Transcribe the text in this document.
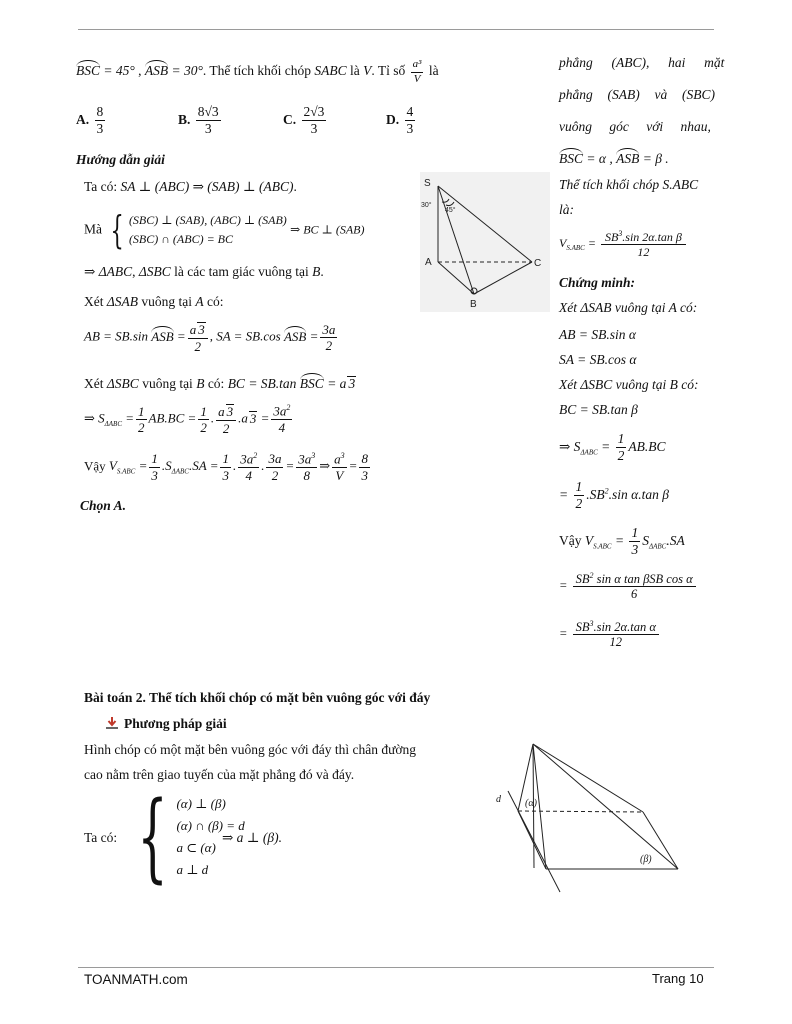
BSC = 45° , ASB = 30°. Thể tích khối chóp SABC là V. Tỉ số $\frac{\text{a³}}{V}$ là
A. $\frac{8}{3}$	B. $\frac{8√3}{3}$	C. $\frac{2√3}{3}$	D. $\frac{4}{3}$
Hướng dẫn giải
Ta có: SA ⊥ (ABC) ⇒ (SAB) ⊥ (ABC).
Mà { (SBC) ⊥ (SAB), (ABC) ⊥ (SAB)
(SBC) ∩ (ABC) = BC
⇒ BC ⊥ (SAB)
⇒ ΔABC, ΔSBC là các tam giác vuông tại B.
Xét ΔSAB vuông tại A có:
AB = SB.sin ASB = $\frac{a 3}{2}$ , SA = SB.cos ASB = $\frac{3a}{2}$
Xét ΔSBC vuông tại B có: BC = SB.tan BSC = a 3
⇒ $S_{\Delta ABC} = \frac{1}{2} AB.BC = \frac{1}{2}$ . $\frac{a 3}{2} .a$ $3 = \frac{3a^2}{4}$
Vậy $V_{S.ABC} = \frac{1}{3} .S_{\Delta ABC}.SA = \frac{1}{3}$ . $\frac{3a^2}{4}$ . $\frac{3a}{2} = \frac{3a^3}{8}$ ⇒ $\frac{a^3}{V} = \frac{8}{3}$
Chọn A.
S
30°
45°
A	C
B
phẳng  (ABC),  hai  mặt
phẳng  (SAB)  và  (SBC)
vuông góc với nhau,
BSC = α , ASB = β .
Thể tích khối chóp S.ABC
là:
$V_{S.ABC} = \frac{SB^3.\sin 2\alpha.\tan \beta}{12}$
Chứng minh:
Xét ΔSAB vuông tại A có:
AB = SB.sin α
SA = SB.cos α
Xét ΔSBC vuông tại B có:
BC = SB.tan β
⇒ $S_{\Delta ABC} = \frac{1}{2} AB.BC$
= $\frac{1}{2} .SB^2.\sin$ α.tan β
Vậy $V_{S.ABC} = \frac{1}{3} S_{\Delta ABC}.SA$
= $\frac{SB^2 \sin \alpha \tan \beta SB \cos \alpha}{6}$
= $\frac{SB^3.\sin 2\alpha.\tan \alpha}{12}$
Bài toán 2. Thể tích khối chóp có mặt bên vuông góc với đáy
Phương pháp giải
Hình chóp có một mặt bên vuông góc với đáy thì chân đường
cao nằm trên giao tuyến của mặt phẳng đó và đáy.
Ta có: { (α) ⊥ (β)
(α) ∩ (β) = d
a ⊂ (α)
a ⊥ d
⇒ a ⊥ (β).
d (α)
(β)
TOANMATH.com	Trang 10
